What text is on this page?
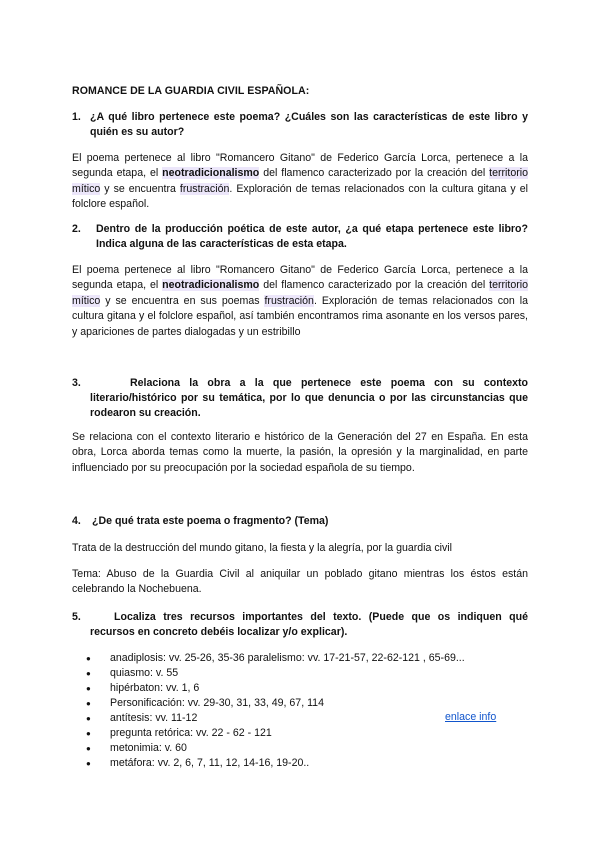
ROMANCE DE LA GUARDIA CIVIL ESPAÑOLA:
1. ¿A qué libro pertenece este poema? ¿Cuáles son las características de este libro y quién es su autor?
El poema pertenece al libro "Romancero Gitano" de Federico García Lorca, pertenece a la segunda etapa, el neotradicionalismo del flamenco caracterizado por la creación del territorio mítico y se encuentra frustración. Exploración de temas relacionados con la cultura gitana y el folclore español.
2.	Dentro de la producción poética de este autor, ¿a qué etapa pertenece este libro? Indica alguna de las características de esta etapa.
El poema pertenece al libro "Romancero Gitano" de Federico García Lorca, pertenece a la segunda etapa, el neotradicionalismo del flamenco caracterizado por la creación del territorio mítico y se encuentra en sus poemas frustración. Exploración de temas relacionados con la cultura gitana y el folclore español, así también encontramos rima asonante en los versos pares, y apariciones de partes dialogadas y un estribillo
3.	Relaciona la obra a la que pertenece este poema con su contexto literario/histórico por su temática, por lo que denuncia o por las circunstancias que rodearon su creación.
Se relaciona con el contexto literario e histórico de la Generación del 27 en España. En esta obra, Lorca aborda temas como la muerte, la pasión, la opresión y la marginalidad, en parte influenciado por su preocupación por la sociedad española de su tiempo.
4.	¿De qué trata este poema o fragmento? (Tema)
Trata de la destrucción del mundo gitano, la fiesta y la alegría, por la guardia civil
Tema: Abuso de la Guardia Civil al aniquilar un poblado gitano mientras los éstos están celebrando la Nochebuena.
5.	Localiza tres recursos importantes del texto. (Puede que os indiquen qué recursos en concreto debéis localizar y/o explicar).
● anadiplosis: vv. 25-26, 35-36 paralelismo: vv. 17-21-57, 22-62-121 , 65-69...
● quiasmo: v. 55
● hipérbaton: vv. 1, 6
● Personificación: vv. 29-30, 31, 33, 49, 67, 114
● antítesis: vv. 11-12
● pregunta retórica: vv. 22 - 62 - 121
● metonimia: v. 60
● metáfora: vv. 2, 6, 7, 11, 12, 14-16, 19-20..
enlace info
